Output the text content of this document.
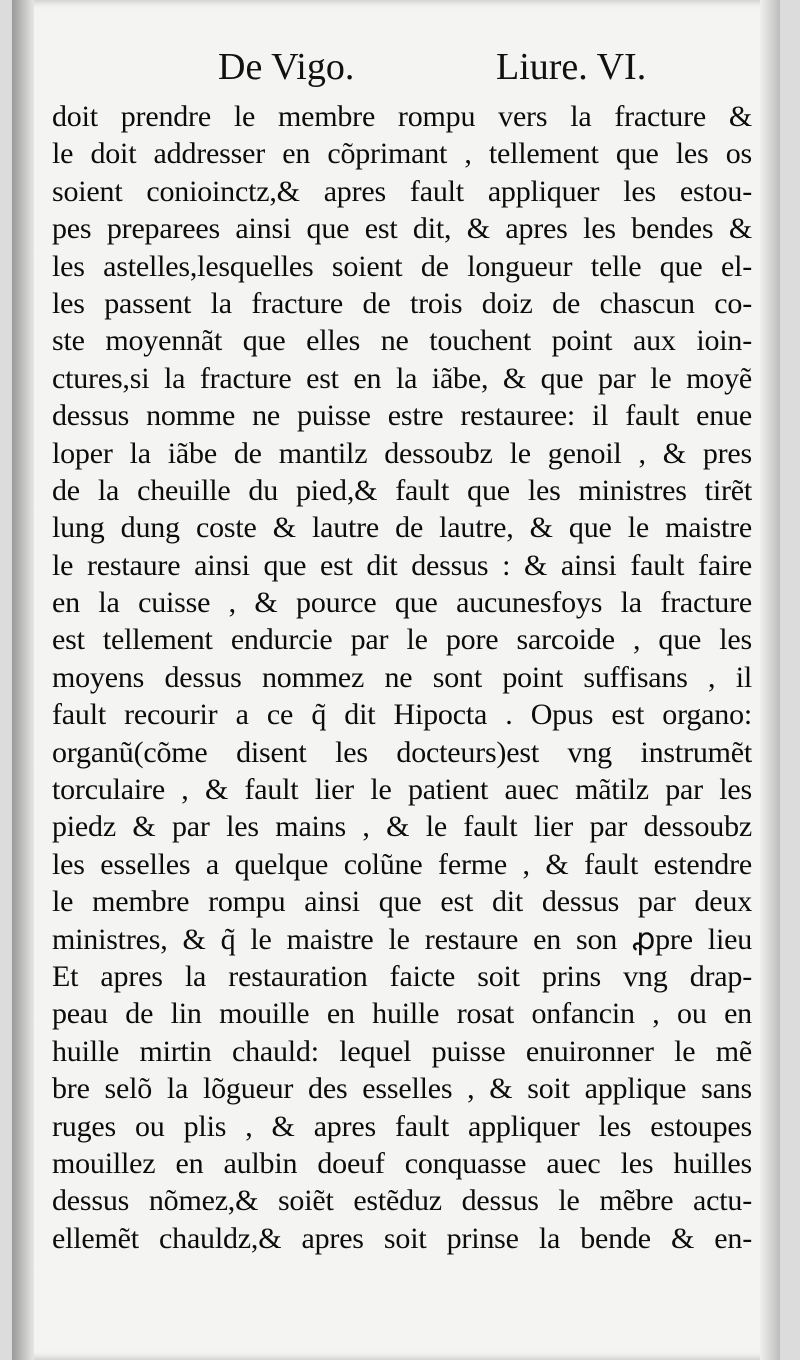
De Vigo.	Liure. VI.
doit prendre le membre rompu vers la fracture &
le doit addresser en cõprimant , tellement que les os
soient conioinctz,& apres fault appliquer les estou-
pes preparees ainsi que est dit, & apres les bendes &
les astelles,lesquelles soient de longueur telle que el-
les passent la fracture de trois doiz de chascun co-
ste moyennãt que elles ne touchent point aux ioin-
ctures,si la fracture est en la iãbe, & que par le moyẽ
dessus nomme ne puisse estre restauree: il fault enue
loper la iãbe de mantilz dessoubz le genoil , & pres
de la cheuille du pied,& fault que les ministres tirẽt
lung dung coste & lautre de lautre, & que le maistre
le restaure ainsi que est dit dessus : & ainsi fault faire
en la cuisse , & pource que aucunesfoys la fracture
est tellement endurcie par le pore sarcoide , que les
moyens dessus nommez ne sont point suffisans , il
fault recourir a ce q̃ dit Hipocta . Opus est organo:
organũ(cõme disent les docteurs)est vng instrumẽt
torculaire , & fault lier le patient auec mãtilz par les
piedz & par les mains , & le fault lier par dessoubz
les esselles a quelque colũne ferme , & fault estendre
le membre rompu ainsi que est dit dessus par deux
ministres, & q̃ le maistre le restaure en son ꝓpre lieu
Et apres la restauration faicte soit prins vng drap-
peau de lin mouille en huille rosat onfancin , ou en
huille mirtin chauld: lequel puisse enuironner le mẽ
bre selõ la lõgueur des esselles , & soit applique sans
ruges ou plis , & apres fault appliquer les estoupes
mouillez en aulbin doeuf conquasse auec les huilles
dessus nõmez,& soiẽt estẽduz dessus le mẽbre actu-
ellemẽt chauldz,& apres soit prinse la bende & en-
